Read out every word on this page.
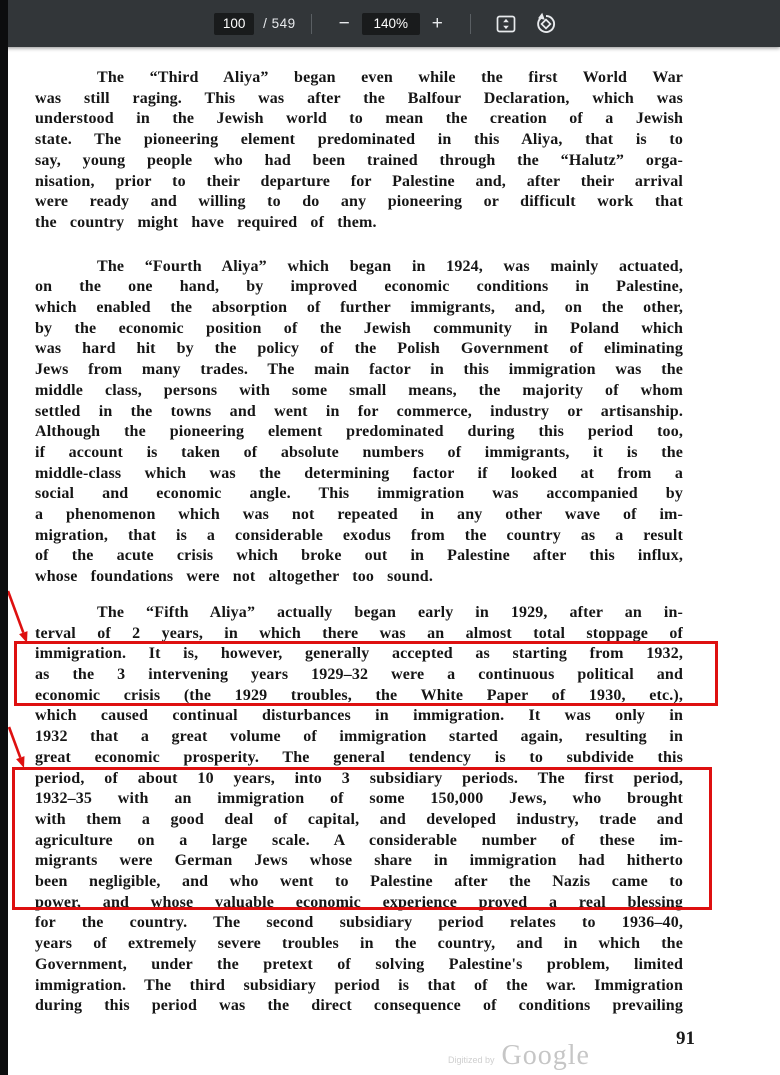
100
/ 549	−
140%	+
The “Third Aliya” began even while the first World War
was still raging. This was after the Balfour Declaration, which was
understood in the Jewish world to mean the creation of a Jewish
state. The pioneering element predominated in this Aliya, that is to
say, young people who had been trained through the “Halutz” orga-
nisation, prior to their departure for Palestine and, after their arrival
were ready and willing to do any pioneering or difficult work that
the country might have required of them.
The “Fourth Aliya” which began in 1924, was mainly actuated,
on the one hand, by improved economic conditions in Palestine,
which enabled the absorption of further immigrants, and, on the other,
by the economic position of the Jewish community in Poland which
was hard hit by the policy of the Polish Government of eliminating
Jews from many trades. The main factor in this immigration was the
middle class, persons with some small means, the majority of whom
settled in the towns and went in for commerce, industry or artisanship.
Although the pioneering element predominated during this period too,
if account is taken of absolute numbers of immigrants, it is the
middle-class which was the determining factor if looked at from a
social and economic angle. This immigration was accompanied by
a phenomenon which was not repeated in any other wave of im-
migration, that is a considerable exodus from the country as a result
of the acute crisis which broke out in Palestine after this influx,
whose foundations were not altogether too sound.
The “Fifth Aliya” actually began early in 1929, after an in-
terval of 2 years, in which there was an almost total stoppage of
immigration. It is, however, generally accepted as starting from 1932,
as the 3 intervening years 1929–32 were a continuous political and
economic crisis (the 1929 troubles, the White Paper of 1930, etc.),
which caused continual disturbances in immigration. It was only in
1932 that a great volume of immigration started again, resulting in
great economic prosperity. The general tendency is to subdivide this
period, of about 10 years, into 3 subsidiary periods. The first period,
1932–35 with an immigration of some 150,000 Jews, who brought
with them a good deal of capital, and developed industry, trade and
agriculture on a large scale. A considerable number of these im-
migrants were German Jews whose share in immigration had hitherto
been negligible, and who went to Palestine after the Nazis came to
power, and whose valuable economic experience proved a real blessing
for the country. The second subsidiary period relates to 1936–40,
years of extremely severe troubles in the country, and in which the
Government, under the pretext of solving Palestine's problem, limited
immigration. The third subsidiary period is that of the war. Immigration
during this period was the direct consequence of conditions prevailing
91
Digitized by Google
